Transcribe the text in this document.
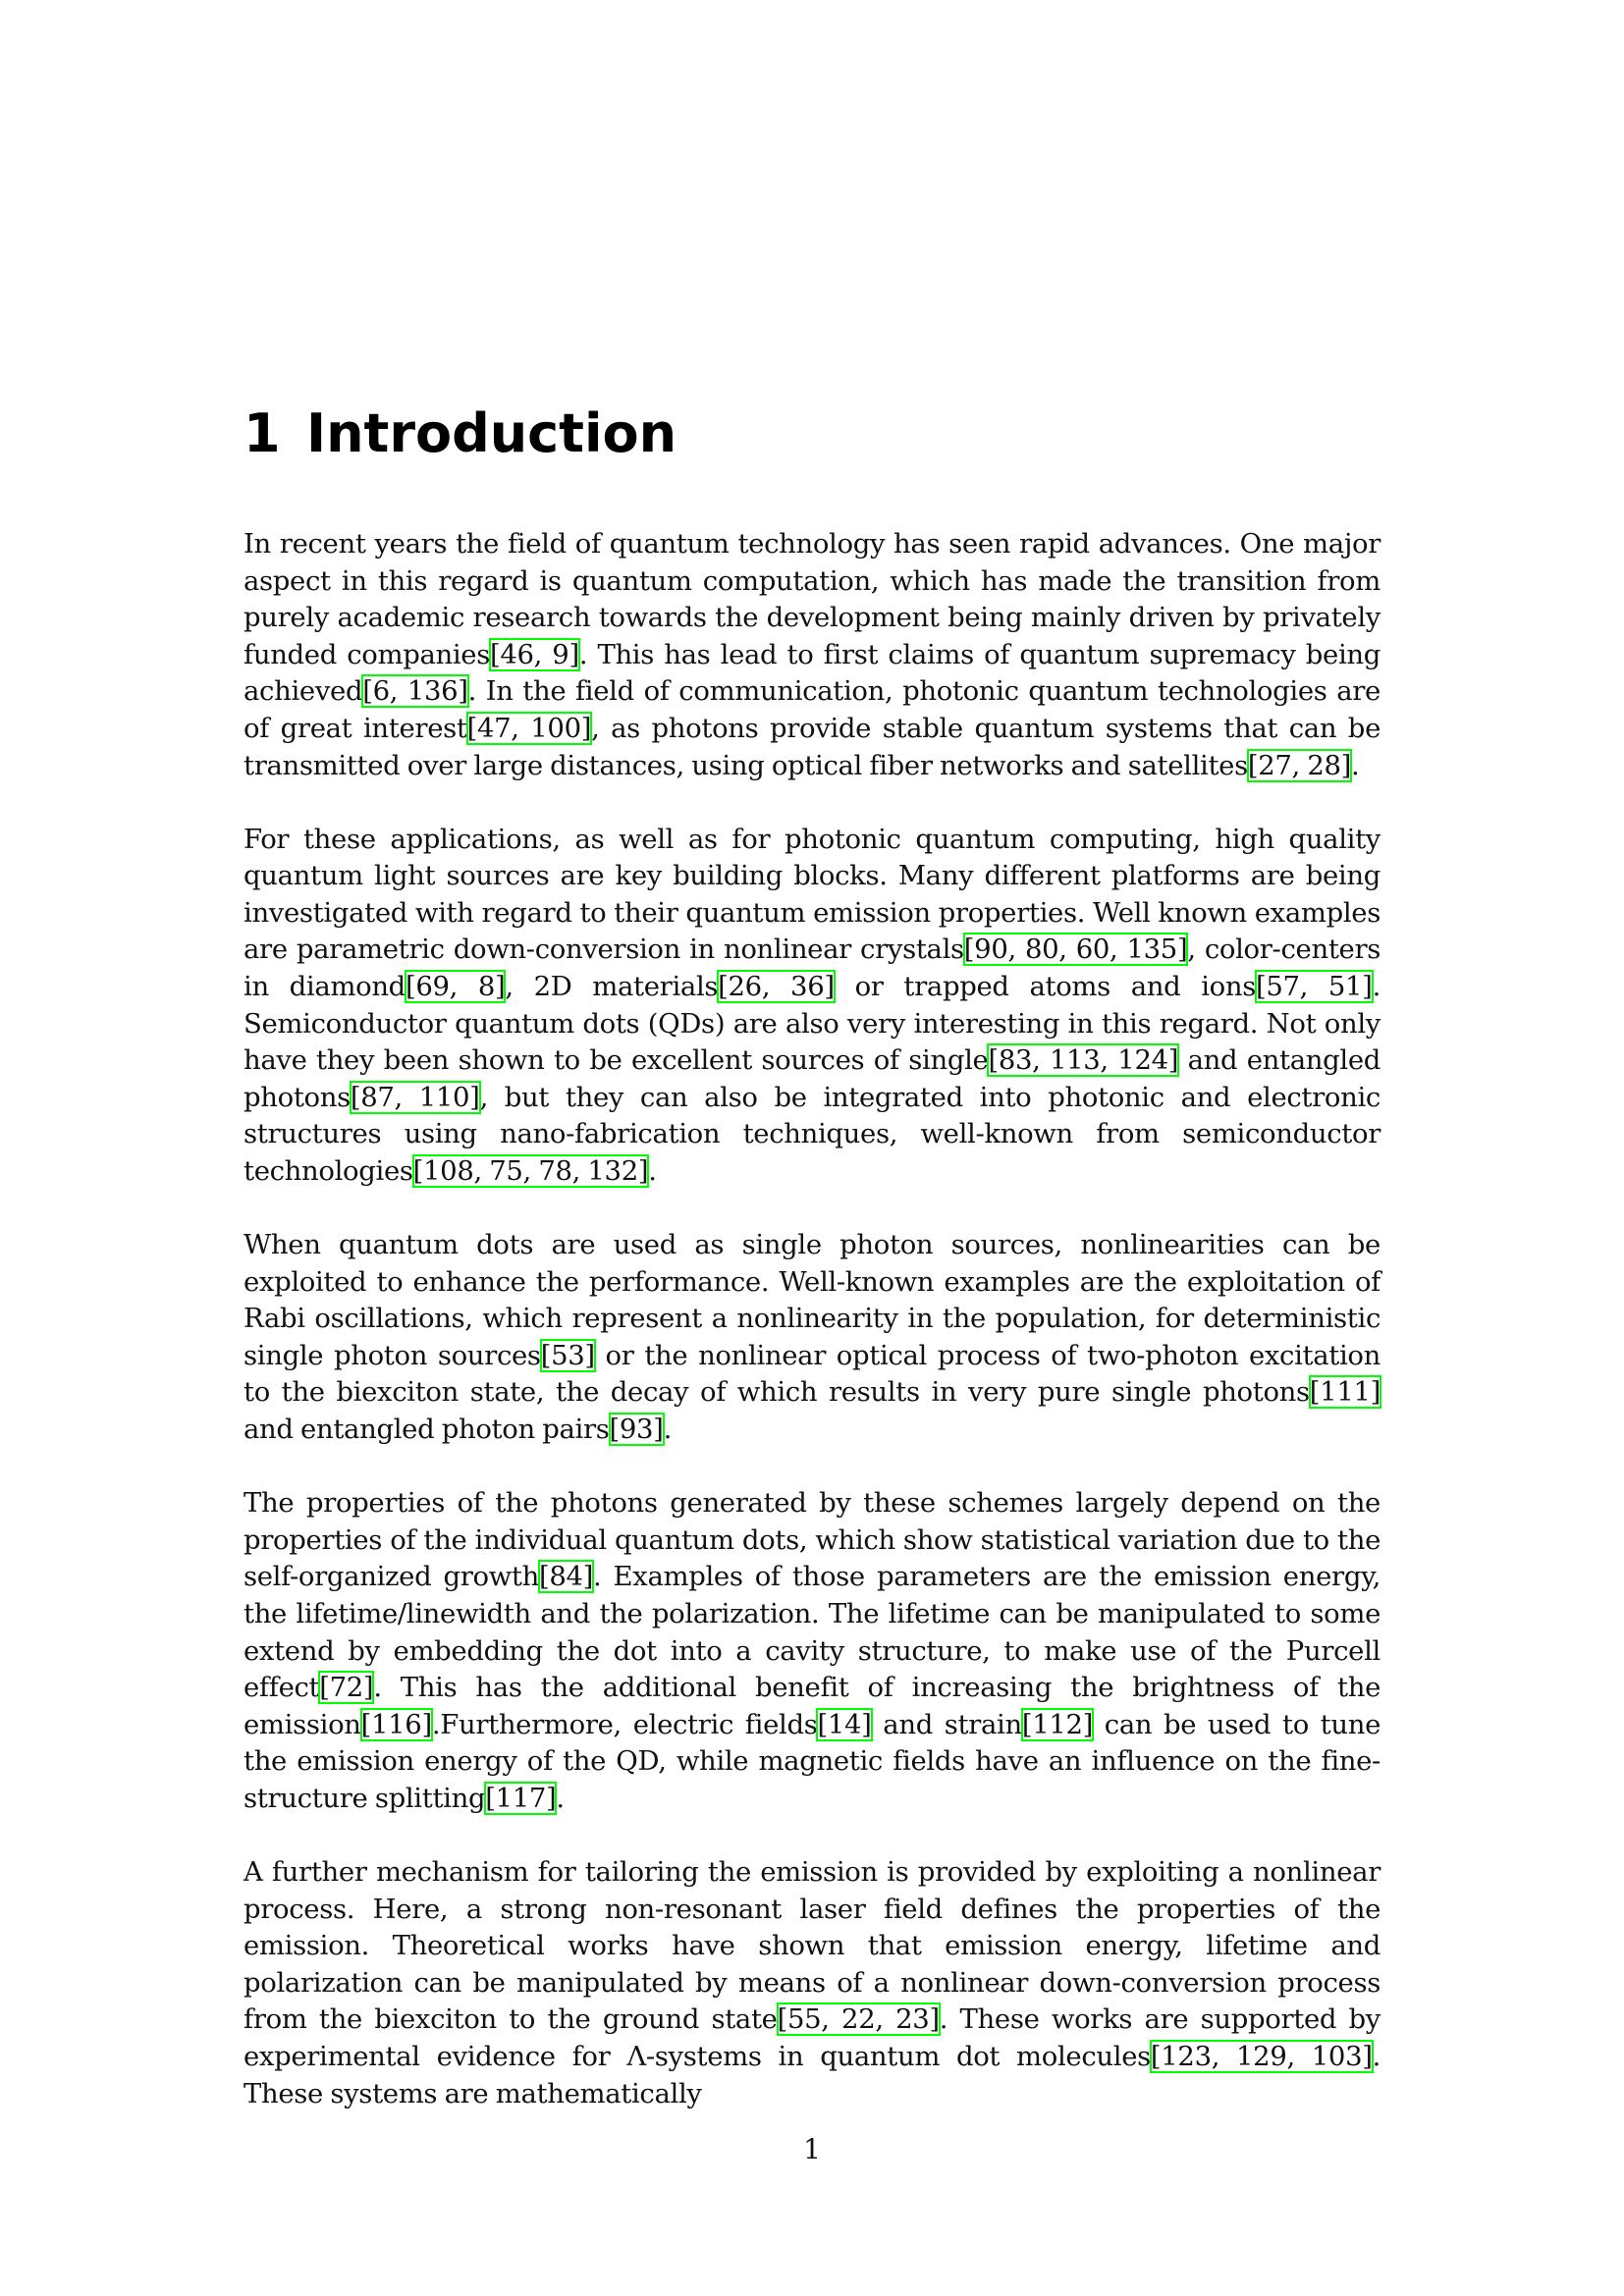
1 Introduction

In recent years the field of quantum technology has seen rapid advances. One major aspect in this regard is quantum computation, which has made the transition from purely academic research towards the development being mainly driven by privately funded companies[46, 9]. This has lead to first claims of quantum supremacy being achieved[6, 136]. In the field of communication, photonic quantum technologies are of great interest[47, 100], as photons provide stable quantum systems that can be transmitted over large distances, using optical fiber networks and satellites[27, 28].

For these applications, as well as for photonic quantum computing, high quality quantum light sources are key building blocks. Many different platforms are being investigated with regard to their quantum emission properties. Well known examples are parametric down-conversion in nonlinear crystals[90, 80, 60, 135], color-centers in diamond[69, 8], 2D materials[26, 36] or trapped atoms and ions[57, 51]. Semiconductor quantum dots (QDs) are also very interesting in this regard. Not only have they been shown to be excellent sources of single[83, 113, 124] and entangled photons[87, 110], but they can also be integrated into photonic and electronic structures using nano-fabrication techniques, well-known from semiconductor technologies[108, 75, 78, 132].

When quantum dots are used as single photon sources, nonlinearities can be exploited to enhance the performance. Well-known examples are the exploitation of Rabi oscillations, which represent a nonlinearity in the population, for deterministic single photon sources[53] or the nonlinear optical process of two-photon excitation to the biexciton state, the decay of which results in very pure single photons[111] and entangled photon pairs[93].

The properties of the photons generated by these schemes largely depend on the properties of the individual quantum dots, which show statistical variation due to the self-organized growth[84]. Examples of those parameters are the emission energy, the lifetime/linewidth and the polarization. The lifetime can be manipulated to some extend by embedding the dot into a cavity structure, to make use of the Purcell effect[72]. This has the additional benefit of increasing the brightness of the emission[116].Furthermore, electric fields[14] and strain[112] can be used to tune the emission energy of the QD, while magnetic fields have an influence on the fine-structure splitting[117].

A further mechanism for tailoring the emission is provided by exploiting a nonlinear process. Here, a strong non-resonant laser field defines the properties of the emission. Theoretical works have shown that emission energy, lifetime and polarization can be manipulated by means of a nonlinear down-conversion process from the biexciton to the ground state[55, 22, 23]. These works are supported by experimental evidence for Λ-systems in quantum dot molecules[123, 129, 103]. These systems are mathematically

1
